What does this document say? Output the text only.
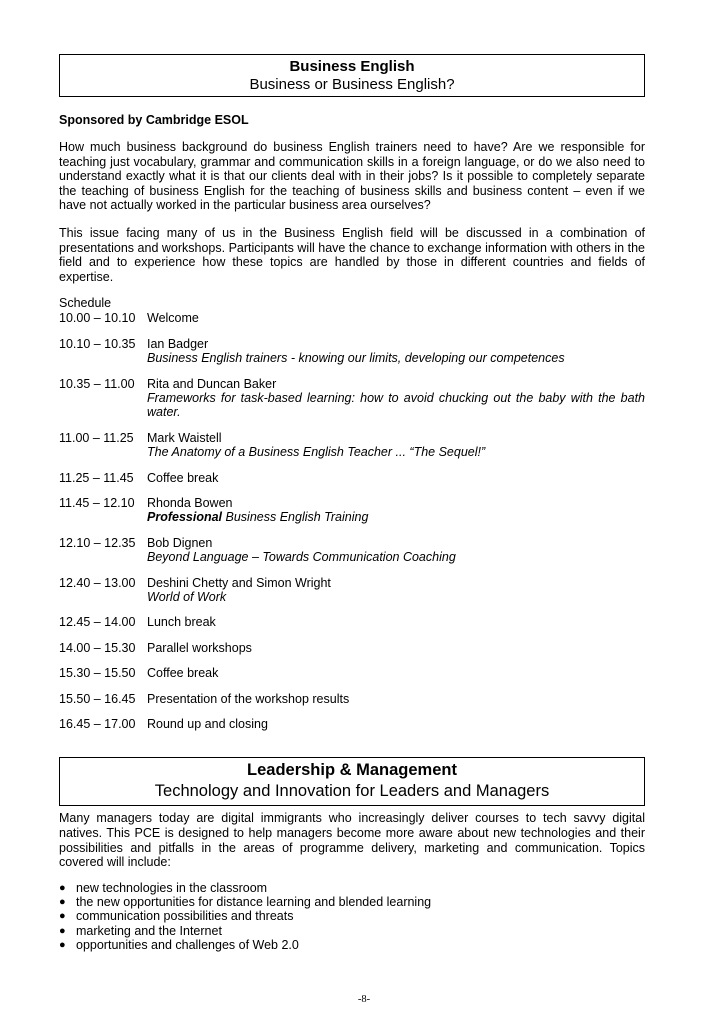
Business English
Business or Business English?
Sponsored by Cambridge ESOL

How much business background do business English trainers need to have? Are we responsible for teaching just vocabulary, grammar and communication skills in a foreign language, or do we also need to understand exactly what it is that our clients deal with in their jobs? Is it possible to completely separate the teaching of business English for the teaching of business skills and business content – even if we have not actually worked in the particular business area ourselves?

This issue facing many of us in the Business English field will be discussed in a combination of presentations and workshops. Participants will have the chance to exchange information with others in the field and to experience how these topics are handled by those in different countries and fields of expertise.

Schedule
10.00 – 10.10 Welcome
10.10 – 10.35 Ian Badger
Business English trainers - knowing our limits, developing our competences
10.35 – 11.00 Rita and Duncan Baker
Frameworks for task-based learning: how to avoid chucking out the baby with the bath water.
11.00 – 11.25	Mark Waistell
The Anatomy of a Business English Teacher ... “The Sequel!”
11.25 – 11.45	Coffee break
11.45 – 12.10 Rhonda Bowen
Professional Business English Training
12.10 – 12.35 Bob Dignen
Beyond Language – Towards Communication Coaching
12.40 – 13.00 Deshini Chetty and Simon Wright
World of Work
12.45 – 14.00 Lunch break
14.00 – 15.30 Parallel workshops
15.30 – 15.50 Coffee break
15.50 – 16.45 Presentation of the workshop results
16.45 – 17.00 Round up and closing
Leadership & Management
Technology and Innovation for Leaders and Managers

Many managers today are digital immigrants who increasingly deliver courses to tech savvy digital natives. This PCE is designed to help managers become more aware about new technologies and their possibilities and pitfalls in the areas of programme delivery, marketing and communication. Topics covered will include:

● new technologies in the classroom
● the new opportunities for distance learning and blended learning
● communication possibilities and threats
● marketing and the Internet
● opportunities and challenges of Web 2.0
-8-
